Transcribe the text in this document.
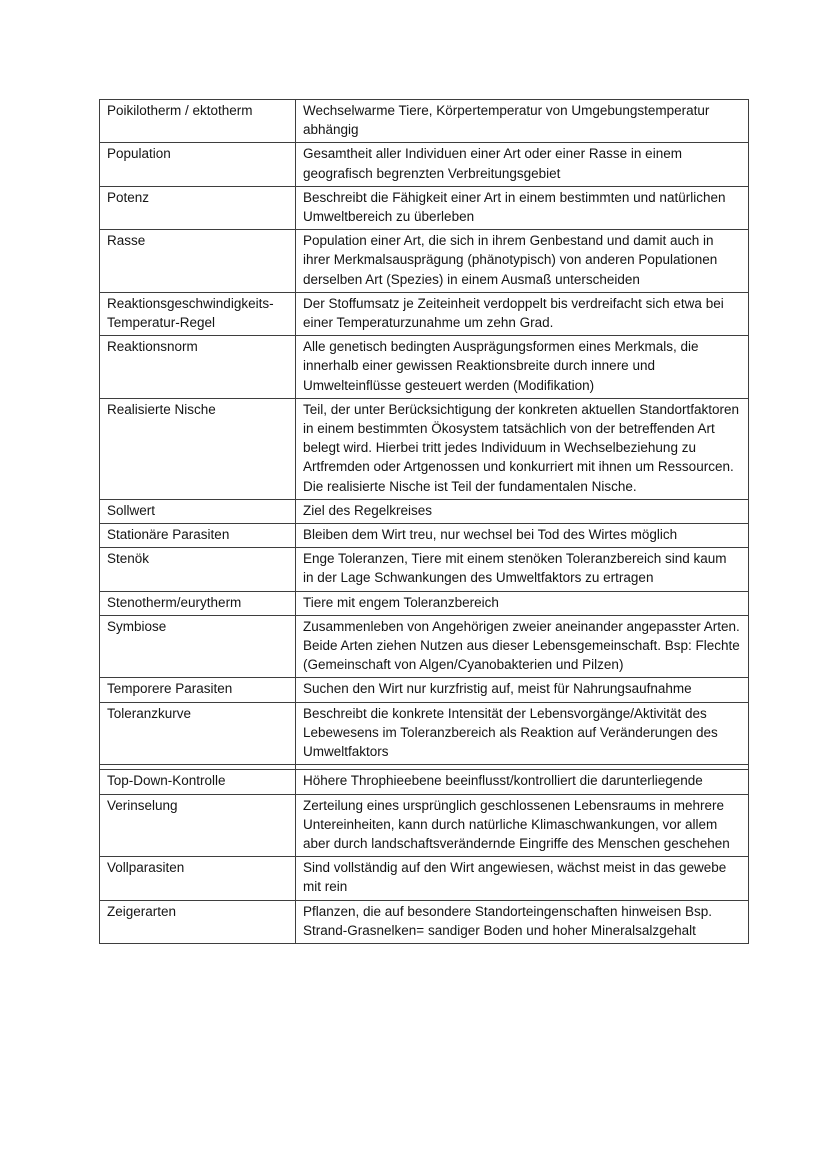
Poikilotherm / ektotherm	Wechselwarme Tiere, Körpertemperatur von Umgebungstemperatur abhängig
Population	Gesamtheit aller Individuen einer Art oder einer Rasse in einem geografisch begrenzten Verbreitungsgebiet
Potenz	Beschreibt die Fähigkeit einer Art in einem bestimmten und natürlichen Umweltbereich zu überleben
Rasse	Population einer Art, die sich in ihrem Genbestand und damit auch in ihrer Merkmalsausprägung (phänotypisch) von anderen Populationen derselben Art (Spezies) in einem Ausmaß unterscheiden
Reaktionsgeschwindigkeits-Temperatur-Regel	Der Stoffumsatz je Zeiteinheit verdoppelt bis verdreifacht sich etwa bei einer Temperaturzunahme um zehn Grad.
Reaktionsnorm	Alle genetisch bedingten Ausprägungsformen eines Merkmals, die innerhalb einer gewissen Reaktionsbreite durch innere und Umwelteinflüsse gesteuert werden (Modifikation)
Realisierte Nische	Teil, der unter Berücksichtigung der konkreten aktuellen Standortfaktoren in einem bestimmten Ökosystem tatsächlich von der betreffenden Art belegt wird. Hierbei tritt jedes Individuum in Wechselbeziehung zu Artfremden oder Artgenossen und konkurriert mit ihnen um Ressourcen. Die realisierte Nische ist Teil der fundamentalen Nische.
Sollwert	Ziel des Regelkreises
Stationäre Parasiten	Bleiben dem Wirt treu, nur wechsel bei Tod des Wirtes möglich
Stenök	Enge Toleranzen, Tiere mit einem stenöken Toleranzbereich sind kaum in der Lage Schwankungen des Umweltfaktors zu ertragen
Stenotherm/eurytherm	Tiere mit engem Toleranzbereich
Symbiose	Zusammenleben von Angehörigen zweier aneinander angepasster Arten. Beide Arten ziehen Nutzen aus dieser Lebensgemeinschaft. Bsp: Flechte (Gemeinschaft von Algen/Cyanobakterien und Pilzen)
Temporere Parasiten	Suchen den Wirt nur kurzfristig auf, meist für Nahrungsaufnahme
Toleranzkurve	Beschreibt die konkrete Intensität der Lebensvorgänge/Aktivität des Lebewesens im Toleranzbereich als Reaktion auf Veränderungen des Umweltfaktors

Top-Down-Kontrolle	Höhere Throphieebene beeinflusst/kontrolliert die darunterliegende
Verinselung	Zerteilung eines ursprünglich geschlossenen Lebensraums in mehrere Untereinheiten, kann durch natürliche Klimaschwankungen, vor allem aber durch landschaftsverändernde Eingriffe des Menschen geschehen
Vollparasiten	Sind vollständig auf den Wirt angewiesen, wächst meist in das gewebe mit rein
Zeigerarten	Pflanzen, die auf besondere Standorteingenschaften hinweisen Bsp. Strand-Grasnelken= sandiger Boden und hoher Mineralsalzgehalt
